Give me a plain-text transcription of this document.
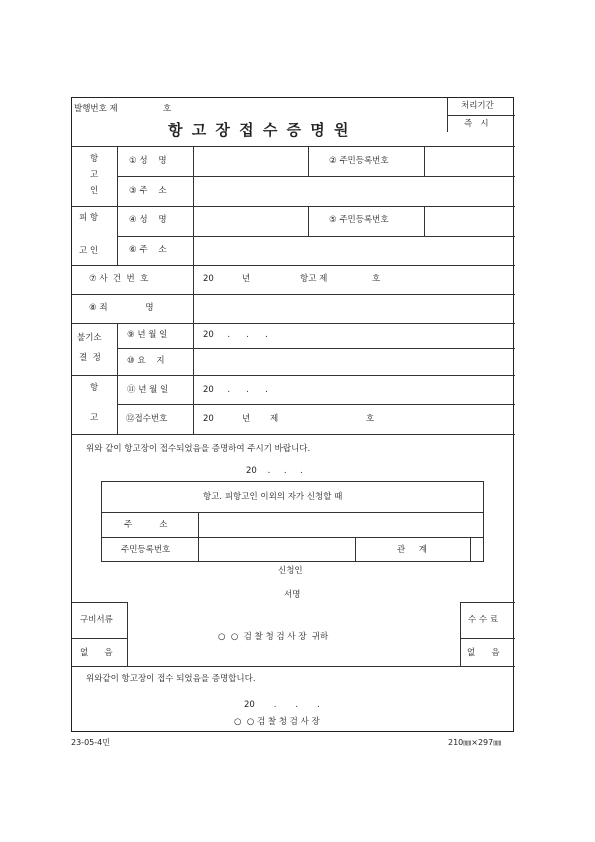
발행번호 제	호
항 고 장 접 수 증 명 원
처리기간
즉   시
항
고
인
① 성    명	② 주민등록번호
③ 주    소
피 항
고 인
④ 성    명	⑤ 주민등록번호
⑥ 주    소
⑦ 사  건  번  호	20	년	항고 제	호
⑧ 죄              명
불기소
결  정
⑨ 년 월 일	20     .      .      .
⑩ 요    지
항
고
⑪ 년 월 일	20     .      .      .
⑫접수번호	20	년 제	호
위와 같이 항고장이 접수되었음을 증명하여 주시기 바랍니다.
20    .     .     .
항고. 피항고인 이외의 자가 신청할 때
주          소
주민등록번호	관     계
신청인
서명
구비서류
없      음
수 수 료
없      음
○  ○  검 찰 청 검 사 장  귀하
위와같이 항고장이 접수 되었음을 증명합니다.
20       .       .       .
○  ○ 검 찰 청 검 사 장
23-05-4민	210㎜×297㎜
